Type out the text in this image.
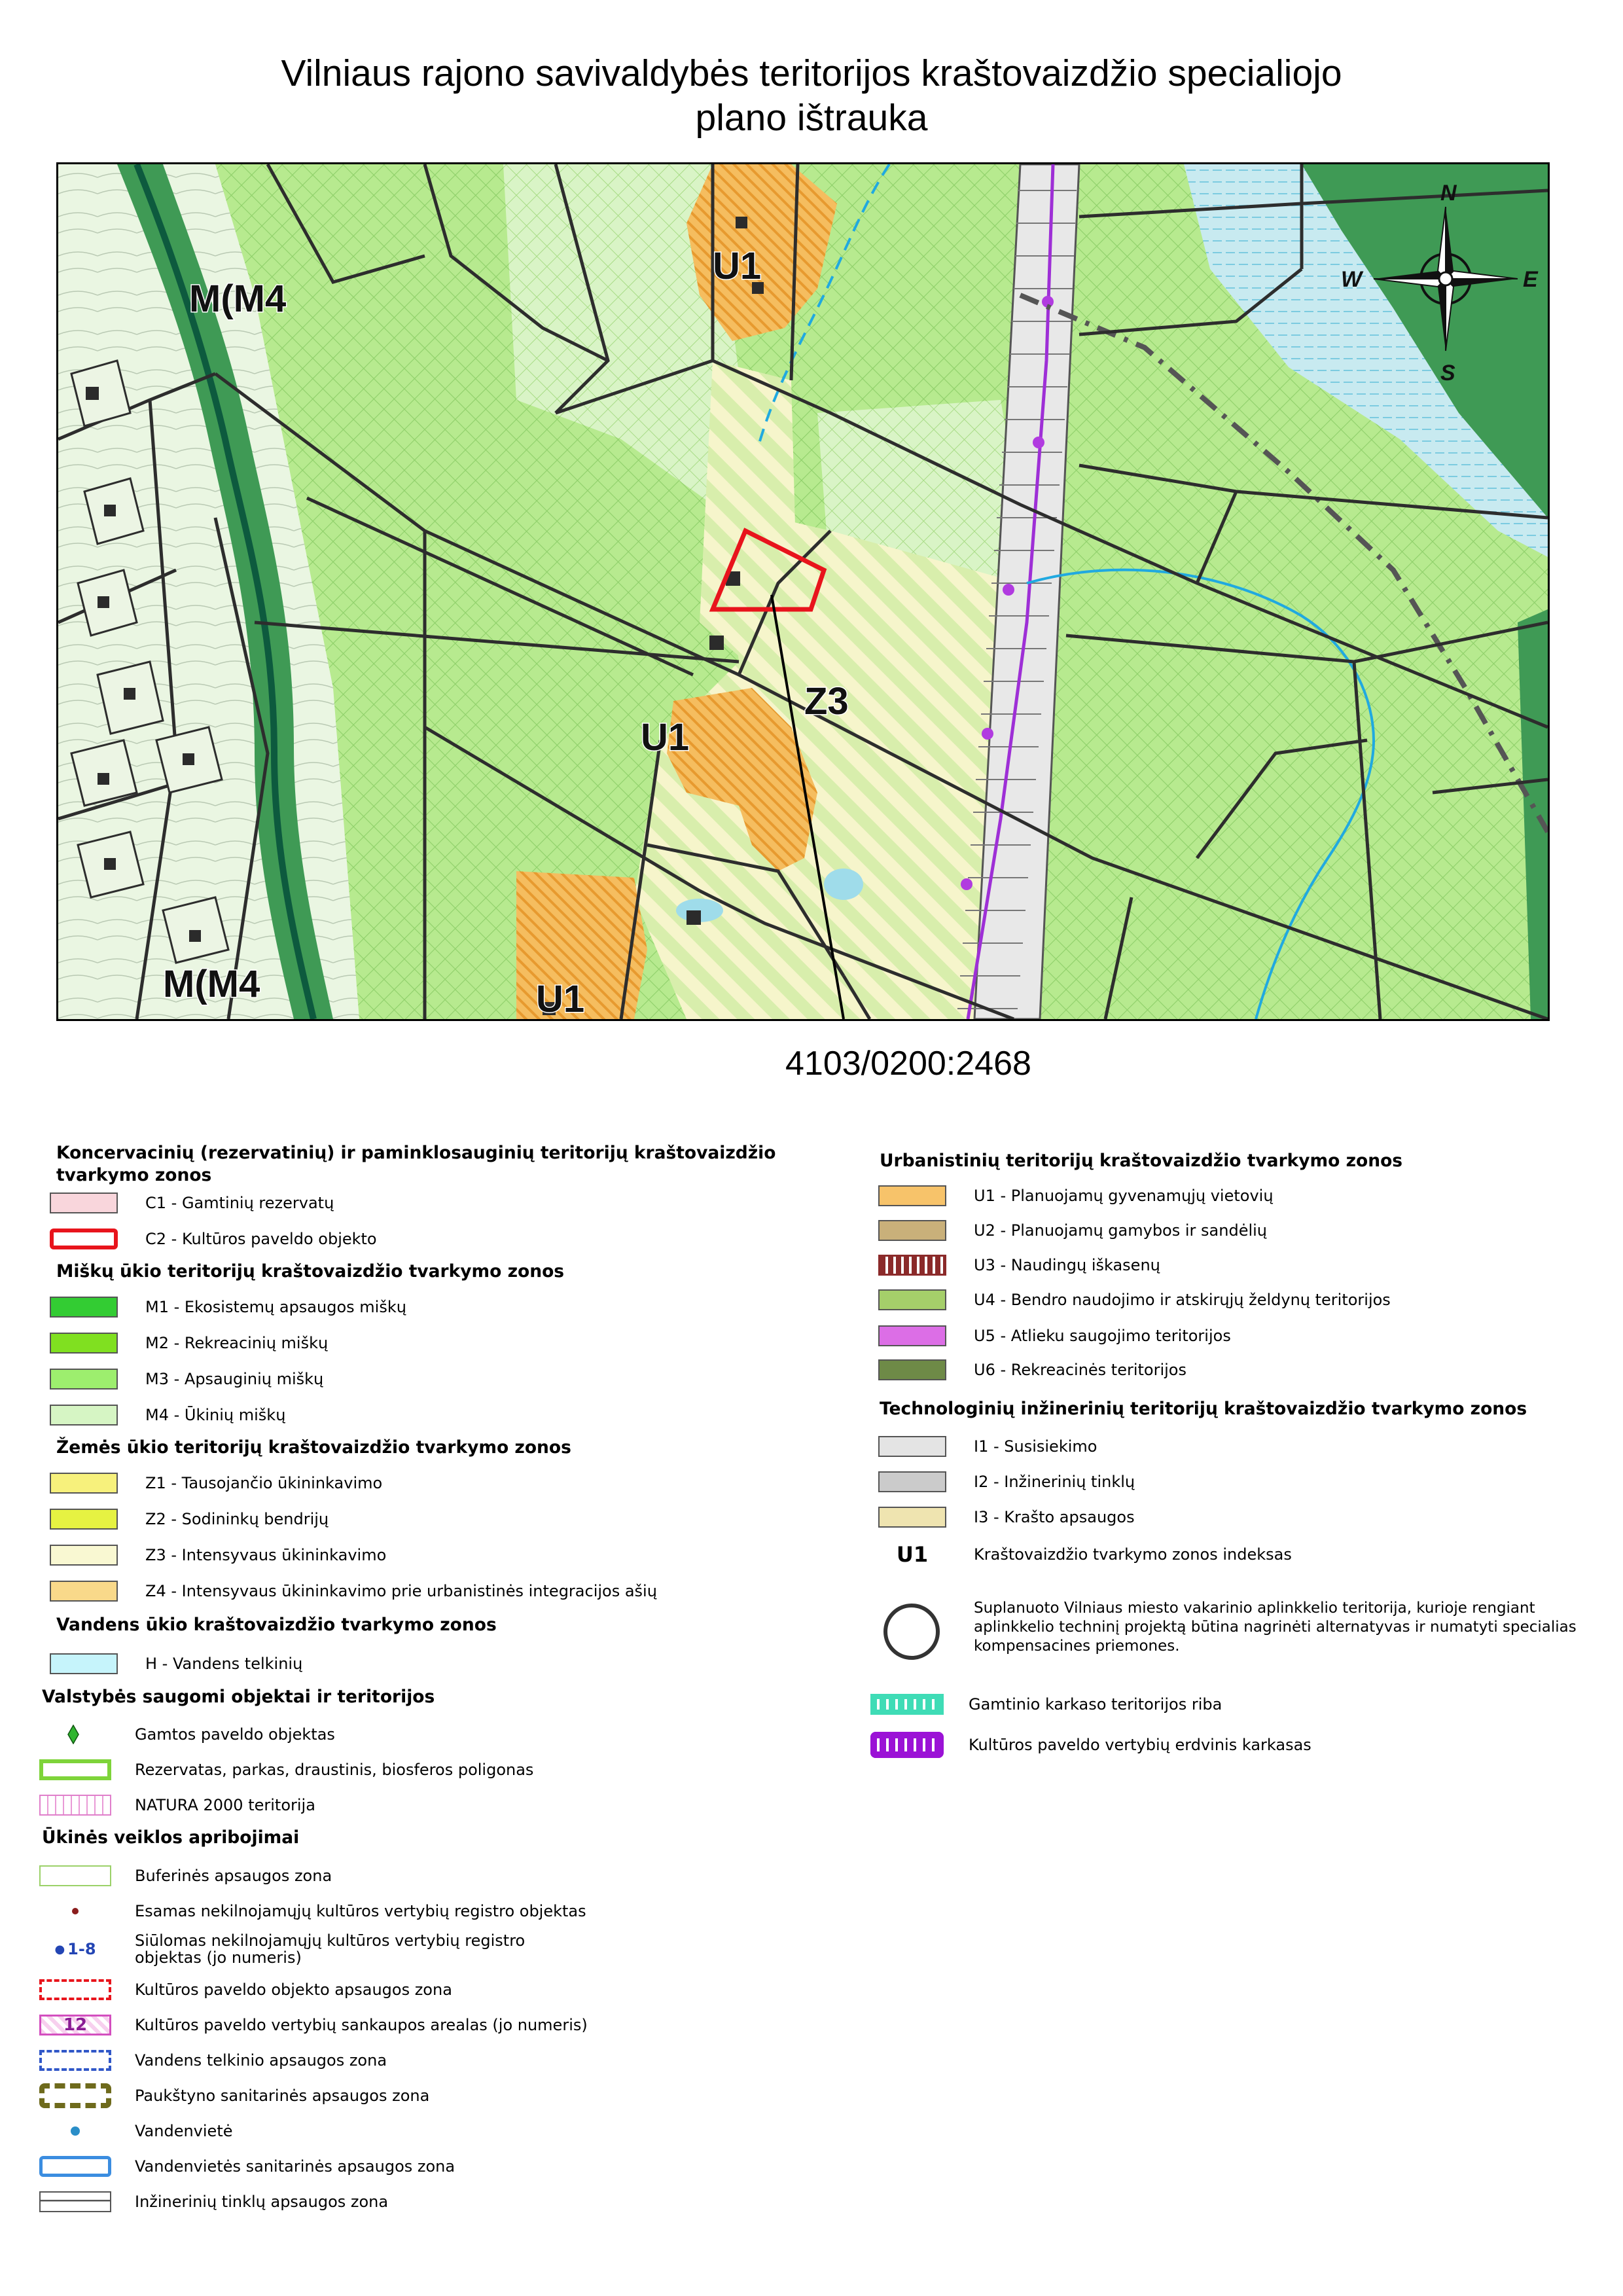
Vilniaus rajono savivaldybės teritorijos kraštovaizdžio specialiojo
plano ištrauka
U1
U1
U1
Z3
M(M4
M(M4
N
S
E
W
4103/0200:2468
Koncervacinių (rezervatinių) ir paminklosauginių teritorijų kraštovaizdžio tvarkymo zonos
C1 - Gamtinių rezervatų
C2 - Kultūros paveldo objekto
Miškų ūkio teritorijų kraštovaizdžio tvarkymo zonos
M1 - Ekosistemų apsaugos miškų
M2 - Rekreacinių miškų
M3 - Apsauginių miškų
M4 - Ūkinių miškų
Žemės ūkio teritorijų kraštovaizdžio tvarkymo zonos
Z1 - Tausojančio ūkininkavimo
Z2 - Sodininkų bendrijų
Z3 - Intensyvaus ūkininkavimo
Z4 - Intensyvaus ūkininkavimo prie urbanistinės integracijos ašių
Vandens ūkio kraštovaizdžio tvarkymo zonos
H - Vandens telkinių
Valstybės saugomi objektai ir teritorijos
Gamtos paveldo objektas
Rezervatas, parkas, draustinis, biosferos poligonas
NATURA 2000 teritorija
Ūkinės veiklos apribojimai
Buferinės apsaugos zona
Esamas nekilnojamųjų kultūros vertybių registro objektas
● 1-8 Siūlomas nekilnojamųjų kultūros vertybių registro objektas (jo numeris)
Kultūros paveldo objekto apsaugos zona
12	Kultūros paveldo vertybių sankaupos arealas (jo numeris)
Vandens telkinio apsaugos zona
Paukštyno sanitarinės apsaugos zona
Vandenvietė
Vandenvietės sanitarinės apsaugos zona
Inžinerinių tinklų apsaugos zona
Urbanistinių teritorijų kraštovaizdžio tvarkymo zonos
U1 - Planuojamų gyvenamųjų vietovių
U2 - Planuojamų gamybos ir sandėlių
U3 - Naudingų iškasenų
U4 - Bendro naudojimo ir atskirųjų želdynų teritorijos
U5 - Atlieku saugojimo teritorijos
U6 - Rekreacinės teritorijos
Technologinių inžinerinių teritorijų kraštovaizdžio tvarkymo zonos
I1 - Susisiekimo
I2 - Inžinerinių tinklų
I3 - Krašto apsaugos
U1	Kraštovaizdžio tvarkymo zonos indeksas
Suplanuoto Vilniaus miesto vakarinio aplinkkelio teritorija, kurioje rengiant aplinkkelio techninį projektą būtina nagrinėti alternatyvas ir numatyti specialias kompensacines priemones.
Gamtinio karkaso teritorijos riba
Kultūros paveldo vertybių erdvinis karkasas
